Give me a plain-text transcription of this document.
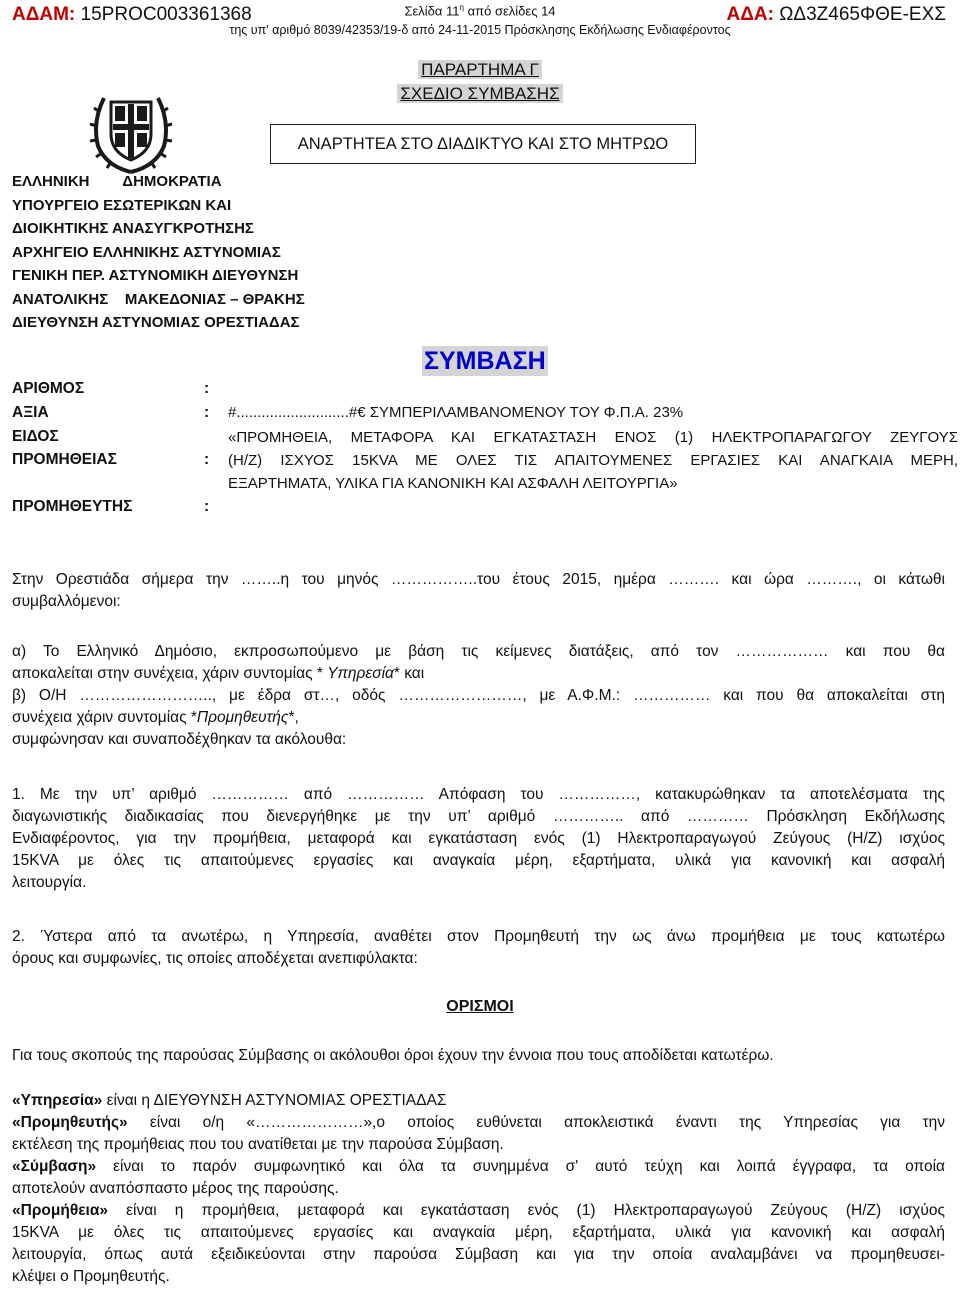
ΑΔΑΜ: 15PROC003361368	Σελίδα $11^\eta$ από σελίδες 14
της υπ' αριθμό 8039/42353/19-δ από 24-11-2015 Πρόσκλησης Εκδήλωσης Ενδιαφέροντος
ΑΔΑ: ΩΔ3Ζ465ΦΘΕ-ΕΧΣ
ΠΑΡΑΡΤΗΜΑ Γ
ΣΧΕΔΙΟ ΣΥΜΒΑΣΗΣ
ΑΝΑΡΤΗΤΕΑ ΣΤΟ ΔΙΑΔΙΚΤΥΟ ΚΑΙ ΣΤΟ ΜΗΤΡΩΟ
ΕΛΛΗΝΙΚΗ        ΔΗΜΟΚΡΑΤΙΑ
ΥΠΟΥΡΓΕΙΟ ΕΣΩΤΕΡΙΚΩΝ ΚΑΙ
ΔΙΟΙΚΗΤΙΚΗΣ ΑΝΑΣΥΓΚΡΟΤΗΣΗΣ
ΑΡΧΗΓΕΙΟ ΕΛΛΗΝΙΚΗΣ ΑΣΤΥΝΟΜΙΑΣ
ΓΕΝΙΚΗ ΠΕΡ. ΑΣΤΥΝΟΜΙΚΗ ΔΙΕΥΘΥΝΣΗ
ΑΝΑΤΟΛΙΚΗΣ    ΜΑΚΕΔΟΝΙΑΣ – ΘΡΑΚΗΣ
ΔΙΕΥΘΥΝΣΗ ΑΣΤΥΝΟΜΙΑΣ ΟΡΕΣΤΙΑΔΑΣ
ΣΥΜΒΑΣΗ
ΑΡΙΘΜΟΣ	:
ΑΞΙΑ	: #...........................#€ ΣΥΜΠΕΡΙΛΑΜΒΑΝΟΜΕΝΟΥ ΤΟΥ Φ.Π.Α. 23%
ΕΙΔΟΣ
ΠΡΟΜΗΘΕΙΑΣ	:
«ΠΡΟΜΗΘΕΙΑ, ΜΕΤΑΦΟΡΑ ΚΑΙ ΕΓΚΑΤΑΣΤΑΣΗ ΕΝΟΣ (1) ΗΛΕΚΤΡΟΠΑΡΑΓΩΓΟΥ ΖΕΥΓΟΥΣ
(Η/Ζ) ΙΣΧΥΟΣ 15KVA ΜΕ ΟΛΕΣ ΤΙΣ ΑΠΑΙΤΟΥΜΕΝΕΣ ΕΡΓΑΣΙΕΣ ΚΑΙ ΑΝΑΓΚΑΙΑ ΜΕΡΗ,
ΕΞΑΡΤΗΜΑΤΑ, ΥΛΙΚΑ ΓΙΑ ΚΑΝΟΝΙΚΗ ΚΑΙ ΑΣΦΑΛΗ ΛΕΙΤΟΥΡΓΙΑ»
ΠΡΟΜΗΘΕΥΤΗΣ	:
Στην Ορεστιάδα σήμερα την ……..η του μηνός ……………..του έτους 2015, ημέρα ………. και ώρα ………., οι κάτωθι
συμβαλλόμενοι:
α) Το Ελληνικό Δημόσιο, εκπροσωπούμενο με βάση τις κείμενες διατάξεις, από τον ……………… και που θα
αποκαλείται στην συνέχεια, χάριν συντομίας * Υπηρεσία* και
β) Ο/Η …………………….., με έδρα στ…, οδός ……………………, με Α.Φ.Μ.: …………… και που θα αποκαλείται στη
συνέχεια χάριν συντομίας *Προμηθευτής*,
συμφώνησαν και συναποδέχθηκαν τα ακόλουθα:
1. Με την υπ’ αριθμό …………… από …………… Απόφαση του ……………, κατακυρώθηκαν τα αποτελέσματα της
διαγωνιστικής διαδικασίας που διενεργήθηκε με την υπ’ αριθμό ………….. από ………… Πρόσκληση Εκδήλωσης
Ενδιαφέροντος, για την προμήθεια, μεταφορά και εγκατάσταση ενός (1) Ηλεκτροπαραγωγού Ζεύγους (Η/Ζ) ισχύος
15KVA με όλες τις απαιτούμενες εργασίες και αναγκαία μέρη, εξαρτήματα, υλικά για κανονική και ασφαλή
λειτουργία.
2. Ύστερα από τα ανωτέρω, η Υπηρεσία, αναθέτει στον Προμηθευτή την ως άνω προμήθεια με τους κατωτέρω
όρους και συμφωνίες, τις οποίες αποδέχεται ανεπιφύλακτα:
ΟΡΙΣΜΟΙ
Για τους σκοπούς της παρούσας Σύμβασης οι ακόλουθοι όροι έχουν την έννοια που τους αποδίδεται κατωτέρω.
«Υπηρεσία» είναι η ΔΙΕΥΘΥΝΣΗ ΑΣΤΥΝΟΜΙΑΣ ΟΡΕΣΤΙΑΔΑΣ
«Προμηθευτής» είναι ο/η «…………………»,ο οποίος ευθύνεται αποκλειστικά έναντι της Υπηρεσίας για την
εκτέλεση της προμήθειας που του ανατίθεται με την παρούσα Σύμβαση.
«Σύμβαση» είναι το παρόν συμφωνητικό και όλα τα συνημμένα σ' αυτό τεύχη και λοιπά έγγραφα, τα οποία
αποτελούν αναπόσπαστο μέρος της παρούσης.
«Προμήθεια» είναι η προμήθεια, μεταφορά και εγκατάσταση ενός (1) Ηλεκτροπαραγωγού Ζεύγους (Η/Ζ) ισχύος
15KVA με όλες τις απαιτούμενες εργασίες και αναγκαία μέρη, εξαρτήματα, υλικά για κανονική και ασφαλή
λειτουργία, όπως αυτά εξειδικεύονται στην παρούσα Σύμβαση και για την οποία αναλαμβάνει να προμηθευσει-
κλέψει ο Προμηθευτής.
